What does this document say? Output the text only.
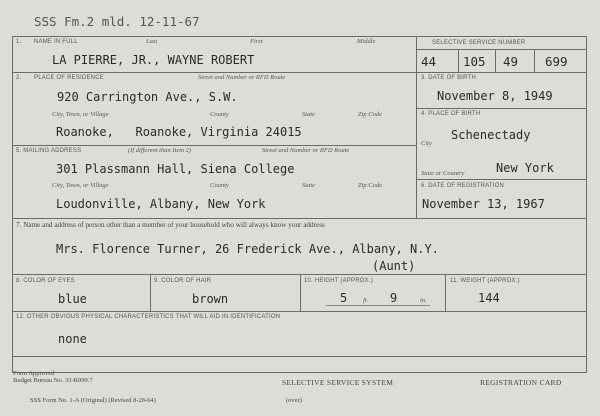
SSS Fm.2 mld. 12-11-67
1. NAME IN FULL	Last	First	Middle
LA PIERRE, JR., WAYNE ROBERT
SELECTIVE SERVICE NUMBER
44 105 49 699
2. PLACE OF RESIDENCE	Street and Number or RFD Route
920 Carrington Ave., S.W.
City, Town, or Village	County	State	Zip Code
Roanoke,   Roanoke, Virginia 24015
3. DATE OF BIRTH
November 8, 1949
4. PLACE OF BIRTH
City
Schenectady
State or Country	New York
5. MAILING ADDRESS	(If different than Item 2)	Street and Number or RFD Route
301 Plassmann Hall, Siena College
City, Town, or Village	County	State	Zip Code
Loudonville, Albany, New York
6. DATE OF REGISTRATION
November 13, 1967
7. Name and address of person other than a member of your household who will always know your address
Mrs. Florence Turner, 26 Frederick Ave., Albany, N.Y.
(Aunt)
8. COLOR OF EYES
blue
9. COLOR OF HAIR
brown
10. HEIGHT (APPROX.)
5 ft. 9	in.
11. WEIGHT (APPROX.)
144
12. OTHER OBVIOUS PHYSICAL CHARACTERISTICS THAT WILL AID IN IDENTIFICATION
none
Form Approved
Budget Bureau No. 33-R099.7	SELECTIVE SERVICE SYSTEM	REGISTRATION CARD
SSS Form No. 1-A (Original) (Revised 8-28-64)	(over)
